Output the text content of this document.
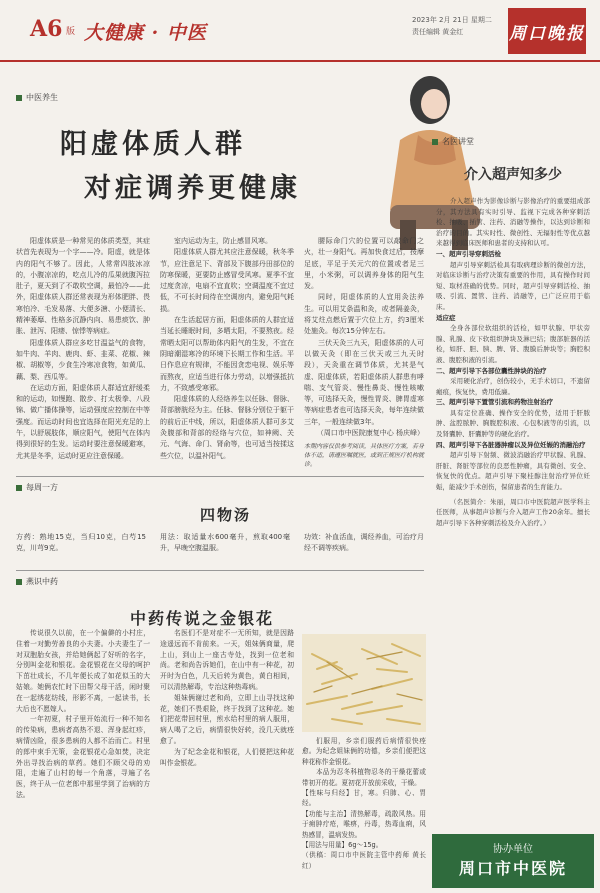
A6 版 大健康 · 中医
2023年 2月 21日 星期二
责任编辑 黄金红	周口晚报
中医养生
阳虚体质人群
对症调养更健康

阳虚体质是一种常见的体质类型，其症状首先表现为一个字——冷。阳虚，就是体内的阳气不够了。因此，人常常四肢冰凉的，小腹凉凉的，吃点儿冷的瓜果就腹泻拉肚子，夏天到了不敢吹空调，最怕冷——此外，阳虚体质人群还常表现为形体肥胖、畏寒怕冷、毛发易落、大便多溏、小便清长、精神萎靡、性格多沉静内向、易患痰饮、肿胀、泄泻、阳痿、惊悸等病症。

阳虚体质人群应多吃甘温益气的食物，如牛肉、羊肉、鹿肉、虾、韭菜、花椒、辣椒、胡椒等，少食生冷寒凉食物，如黄瓜、藕、梨、西瓜等。

在运动方面，阳虚体质人群适宜舒缓柔和的运动，如慢跑、散步、打太极拳、八段锦、做广播体操等，运动强度应控制在中等强度。而运动时间也宜选择在阳光充足的上午，以舒展肢体，顺应阳气，使阳气在体内得到很好的生发。运动时要注意保暖避寒，尤其是冬季，运动时更应注意保暖。

室内运动为主，防止感冒风寒。

阳虚体质人群尤其应注意保暖，秋冬季节，应注意足下、背部及下腹部丹田部位的防寒保暖，更要防止感冒受风寒。夏季不宜过度贪凉，电扇不宜直吹；空调温度不宜过低，不可长时间待在空调房内，避免阳气耗损。

在生活起居方面，阳虚体质的人群宜适当延长睡眠时间，多晒太阳，不要熬夜。经常晒太阳可以帮助体内阳气的生发，不宜在阴暗潮湿寒冷的环境下长期工作和生活。平日作息应有规律，不能因贪恋电视、娱乐等而熬夜，应适当进行体力劳动，以增强抵抗力，不致感受寒邪。

阳虚体质的人经络养生以任脉、督脉、背部膀胱经为主。任脉、督脉分别位于躯干的前后正中线，所以，阳虚体质人群可多艾灸腹部和背部的经络与穴位，如神阙、关元、气海、命门、肾俞等，也可适当按揉这些穴位，以温补阳气。

腰际命门穴的位置可以敲命门之火，壮一身阳气。再加快食过后，按摩足底，平足于关元穴的位置或者足三里，小米粥，可以调养身体的阳气生发。

同时，阳虚体质的人宜用灸法养生。可以用艾条温和灸，或者隔姜灸，将艾炷点燃后置于穴位上方，约3厘米处施灸。每次15分钟左右。

三伏天灸三九天，阳虚体质的人可以做天灸（即在三伏天或三九天时段），天灸重在调节体质，尤其是气虚、阳虚体质，若阳虚体质人群患有哮喘、支气管炎、慢性鼻炎、慢性咳嗽等，可选择天灸，慢性胃炎、脾胃虚寒等病症患者也可选择天灸，每年连续做三年，一般连续做3年。

（周口市中医院康复中心 杨庆峰）

本期内容仅供参考阅读，具体医疗方案，若身体不适，请遵医嘱就医，或到正规医疗机构就诊。

每周一方
四物汤
方药：熟地15克，当归10克，白芍15克，川芎9克。
用法：取适量水600毫升，煎取400毫升，早晚空腹温服。
功效：补血活血，调经养血，可治疗月经不调等疾病。
燕识中药
中药传说之金银花

传说很久以前，在一个偏僻的小村庄，住着一对勤劳善良的小夫妻。小夫妻生了一对双胞胎女孩，并给她俩起了好听的名字，分别叫金花和银花。金花银花在父母的呵护下茁壮成长，不几年便长成了如花似玉的大姑娘。她俩农忙时下田帮父母干活，闲时聚在一起绣花纺线，形影不离，一起读书，长大后也不愿嫁人。

一年初夏，村子里开始流行一种不知名的传染病，患病者高热不退、浑身起红疹，病情凶险，很多患病的人都不治而亡。村里的郎中束手无策，金花银花心急如焚，决定外出寻找治病的草药。她们不顾父母的劝阻，走遍了山村的每一个角落，寻遍了名医，终于从一位老郎中那里学到了治病的方法。

名医们不是对症不一无所知，就是因路途遥远而不肯前来。一天，姐妹俩商量，爬上山，到山上一座古寺处，找到一位老和尚。老和尚告诉她们，在山中有一种花，初开时为白色，几天后转为黄色，黄白相间，可以清热解毒，专治这种热毒病。

姐妹俩谢过老和尚，立即上山寻找这种花，她们不畏艰险，终于找到了这种花。她们把花带回村里，煎水给村里的病人服用，病人喝了之后，病情很快好转，没几天就痊愈了。

为了纪念金花和银花，人们便把这种花叫作金银花。

们服用，乡亲们服药后病情很快痊愈。为纪念姐妹俩的功德，乡亲们便把这种花称作金银花。

本品为忍冬科植物忍冬的干燥花蕾或带初开的花。夏初花开放前采收，干燥。

【性味与归经】甘，寒。归肺、心、胃经。

【功能与主治】清热解毒，疏散风热。用于痈肿疔疮，喉痹，丹毒，热毒血痢，风热感冒，温病发热。

【用法与用量】6g～15g。

（供稿：周口市中医院主管中药师 黄长红）

名医讲堂
介入超声知多少

介入超声作为影像诊断与影像治疗的重要组成部分，其方法具有实时引导、监视下完成各种穿刺活检、抽吸、插管、注药、消融等操作，以达到诊断和治疗的目的。其实时性、微创性、无辐射性等优点越来越得到临床医师和患者的支持和认可。

一、超声引导穿刺活检

超声引导穿刺活检具有取病理诊断的微创方法，对临床诊断与治疗决策有重要的作用，具有操作时间短、取材准确的优势。同时，超声引导穿刺活检、抽吸、引流、置管、注药、消融等，已广泛应用于临床。

适应症

全身各部位软组织的活检，如甲状腺、甲状旁腺、乳腺、皮下软组织肿块及淋巴结；腹部脏器的活检，如肝、胆、胰、脾、肾、腹膜后肿块等；胸腔积液、腹腔积液的引流。

二、超声引导下各部位囊性肿块的治疗

采用硬化治疗，创伤较小，无手术切口，不遗留瘢痕，恢复快，费用低廉。

三、超声引导下置管引流和药物注射治疗

具有定位准确、操作安全的优势，适用于肝脓肿、盆腔脓肿、胸腹腔积液、心包积液等的引流，以及肾囊肿、肝囊肿等的硬化治疗。

四、超声引导下各脏器肿瘤以及异位妊娠的消融治疗

超声引导下射频、微波消融治疗甲状腺、乳腺、肝脏、肾脏等部位的良恶性肿瘤，具有微创、安全、恢复快的优点。超声引导下聚桂醇注射治疗异位妊娠，能减少手术创伤，保留患者的生育能力。

（名医简介：朱丽，周口市中医院超声医学科主任医师，从事超声诊断与介入超声工作20余年。擅长超声引导下各种穿刺活检及介入治疗。）

协办单位
周口市中医院
